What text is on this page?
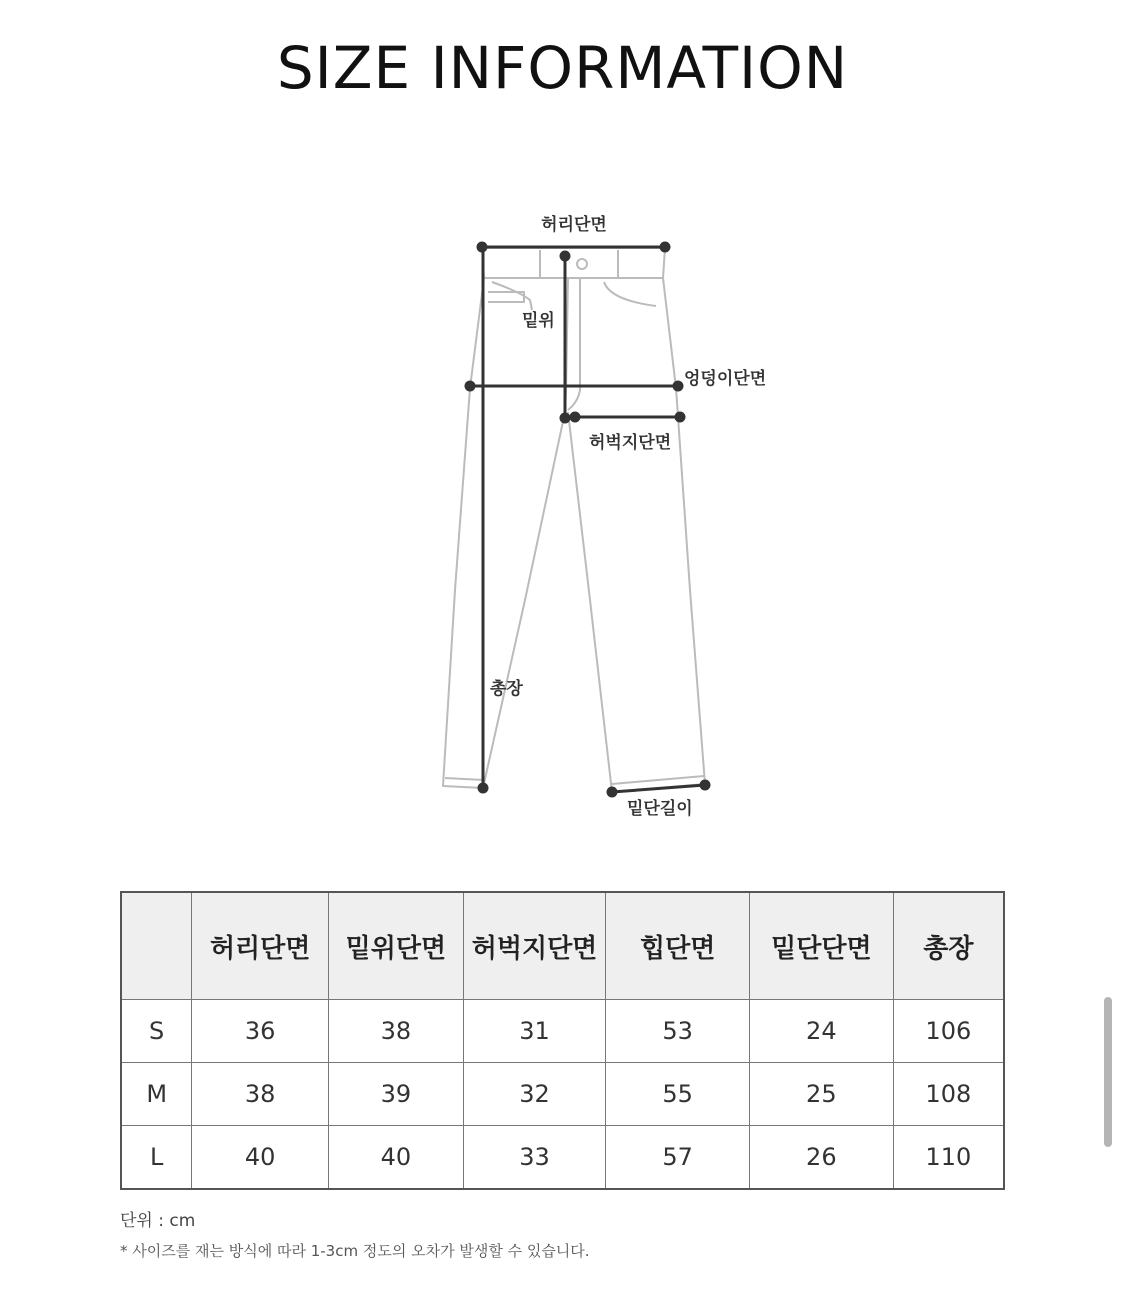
SIZE INFORMATION
허리단면
밑위
엉덩이단면
허벅지단면
총장
밑단길이
	허리단면	밑위단면	허벅지단면	힙단면	밑단단면	총장
S	36	38	31	53	24	106
M	38	39	32	55	25	108
L	40	40	33	57	26	110
단위 : cm
* 사이즈를 재는 방식에 따라 1-3cm 정도의 오차가 발생할 수 있습니다.
